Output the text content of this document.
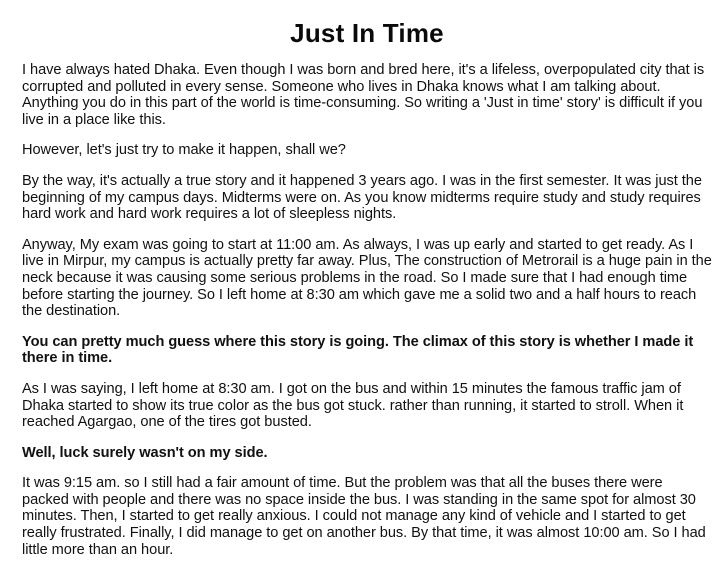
Just In Time

I have always hated Dhaka. Even though I was born and bred here, it's a lifeless, overpopulated city that is corrupted and polluted in every sense. Someone who lives in Dhaka knows what I am talking about. Anything you do in this part of the world is time-consuming. So writing a 'Just in time' story' is difficult if you live in a place like this.

However, let's just try to make it happen, shall we?

By the way, it's actually a true story and it happened 3 years ago. I was in the first semester. It was just the beginning of my campus days. Midterms were on. As you know midterms require study and study requires hard work and hard work requires a lot of sleepless nights.

Anyway, My exam was going to start at 11:00 am. As always, I was up early and started to get ready. As I live in Mirpur, my campus is actually pretty far away. Plus, The construction of Metrorail is a huge pain in the neck because it was causing some serious problems in the road. So I made sure that I had enough time before starting the journey. So I left home at 8:30 am which gave me a solid two and a half hours to reach the destination.

You can pretty much guess where this story is going. The climax of this story is whether I made it there in time.

As I was saying, I left home at 8:30 am. I got on the bus and within 15 minutes the famous traffic jam of Dhaka started to show its true color as the bus got stuck. rather than running, it started to stroll. When it reached Agargao, one of the tires got busted.

Well, luck surely wasn't on my side.

It was 9:15 am. so I still had a fair amount of time. But the problem was that all the buses there were packed with people and there was no space inside the bus. I was standing in the same spot for almost 30 minutes. Then, I started to get really anxious. I could not manage any kind of vehicle and I started to get really frustrated. Finally, I did manage to get on another bus. By that time, it was almost 10:00 am. So I had little more than an hour.
